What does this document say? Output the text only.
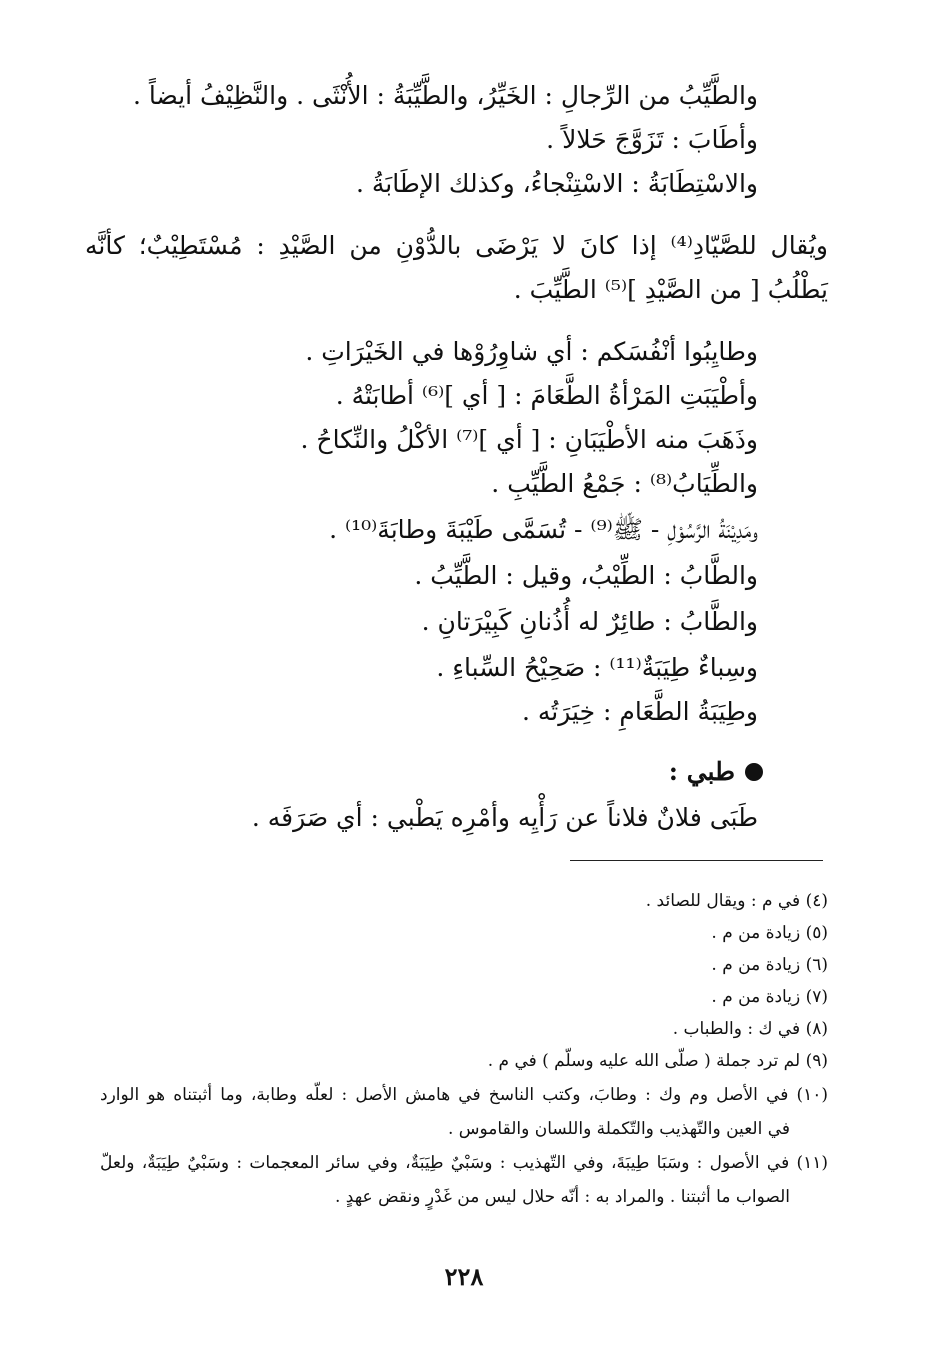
والطَّيِّبُ من الرِّجالِ : الخَيِّرُ، والطَّيِّبَةُ : الأُنْثَى . والنَّظِيْفُ أيضاً .
وأطَابَ : تَزَوَّجَ حَلالاً .
والاسْتِطَابَةُ : الاسْتِنْجاءُ، وكذلك الإطَابَةُ .
ويُقال للصَّيّادِ⁽⁴⁾ إذا كانَ لا يَرْضَى بالدُّوْنِ من الصَّيْدِ : مُسْتَطِيْبٌ؛ كأنَّه
يَطْلُبُ [ من الصَّيْدِ ]⁽⁵⁾ الطَّيِّبَ .
وطايِبُوا أنْفُسَكم : أي شاوِرُوْها في الخَيْرَاتِ .
وأطْيَبَتِ المَرْأةُ الطَّعَامَ : [ أي ]⁽⁶⁾ أطابَتْهُ .
وذَهَبَ منه الأطْيَبَانِ : [ أي ]⁽⁷⁾ الأكْلُ والنِّكاحُ .
والطِّيَابُ⁽⁸⁾ : جَمْعُ الطَّيِّبِ .
ومَدِيْنَةُ الرَّسُوْلِ - ﷺ⁽⁹⁾ - تُسَمَّى طَيْبَةَ وطابَةَ⁽¹⁰⁾ .
والطَّابُ : الطِّيْبُ، وقيل : الطَّيِّبُ .
والطَّابُ : طائِرٌ له أُذُنانِ كَبِيْرَتانِ .
وسِباءٌ طِيَبَةٌ⁽¹¹⁾ : صَحِيْحُ السِّباءِ .
وطِيَبَةُ الطَّعَامِ : خِيَرَتُه .
طبي :
طَبَى فلانٌ فلاناً عن رَأْيِه وأمْرِه يَطْبي : أي صَرَفَه .
(٤) في م : ويقال للصائد .
(٥) زيادة من م .
(٦) زيادة من م .
(٧) زيادة من م .
(٨) في ك : والطباب .
(٩) لم ترد جملة ( صلّى الله عليه وسلّم ) في م .
(١٠) في الأصل وم وك : وطابَ، وكتب الناسخ في هامش الأصل : لعلّه وطابة، وما أثبتناه هو الوارد
في العين والتّهذيب والتّكملة واللسان والقاموس .
(١١) في الأصول : وسَبَا طِيبَةَ، وفي التّهذيب : وسَبْيٌ طِيَبَةٌ، وفي سائر المعجمات : وسَبْيٌ طِيَبَةٌ، ولعلّ
الصواب ما أثبتنا . والمراد به : أنّه حلال ليس من غَدْرٍ ونقض عهدٍ .
٢٢٨
